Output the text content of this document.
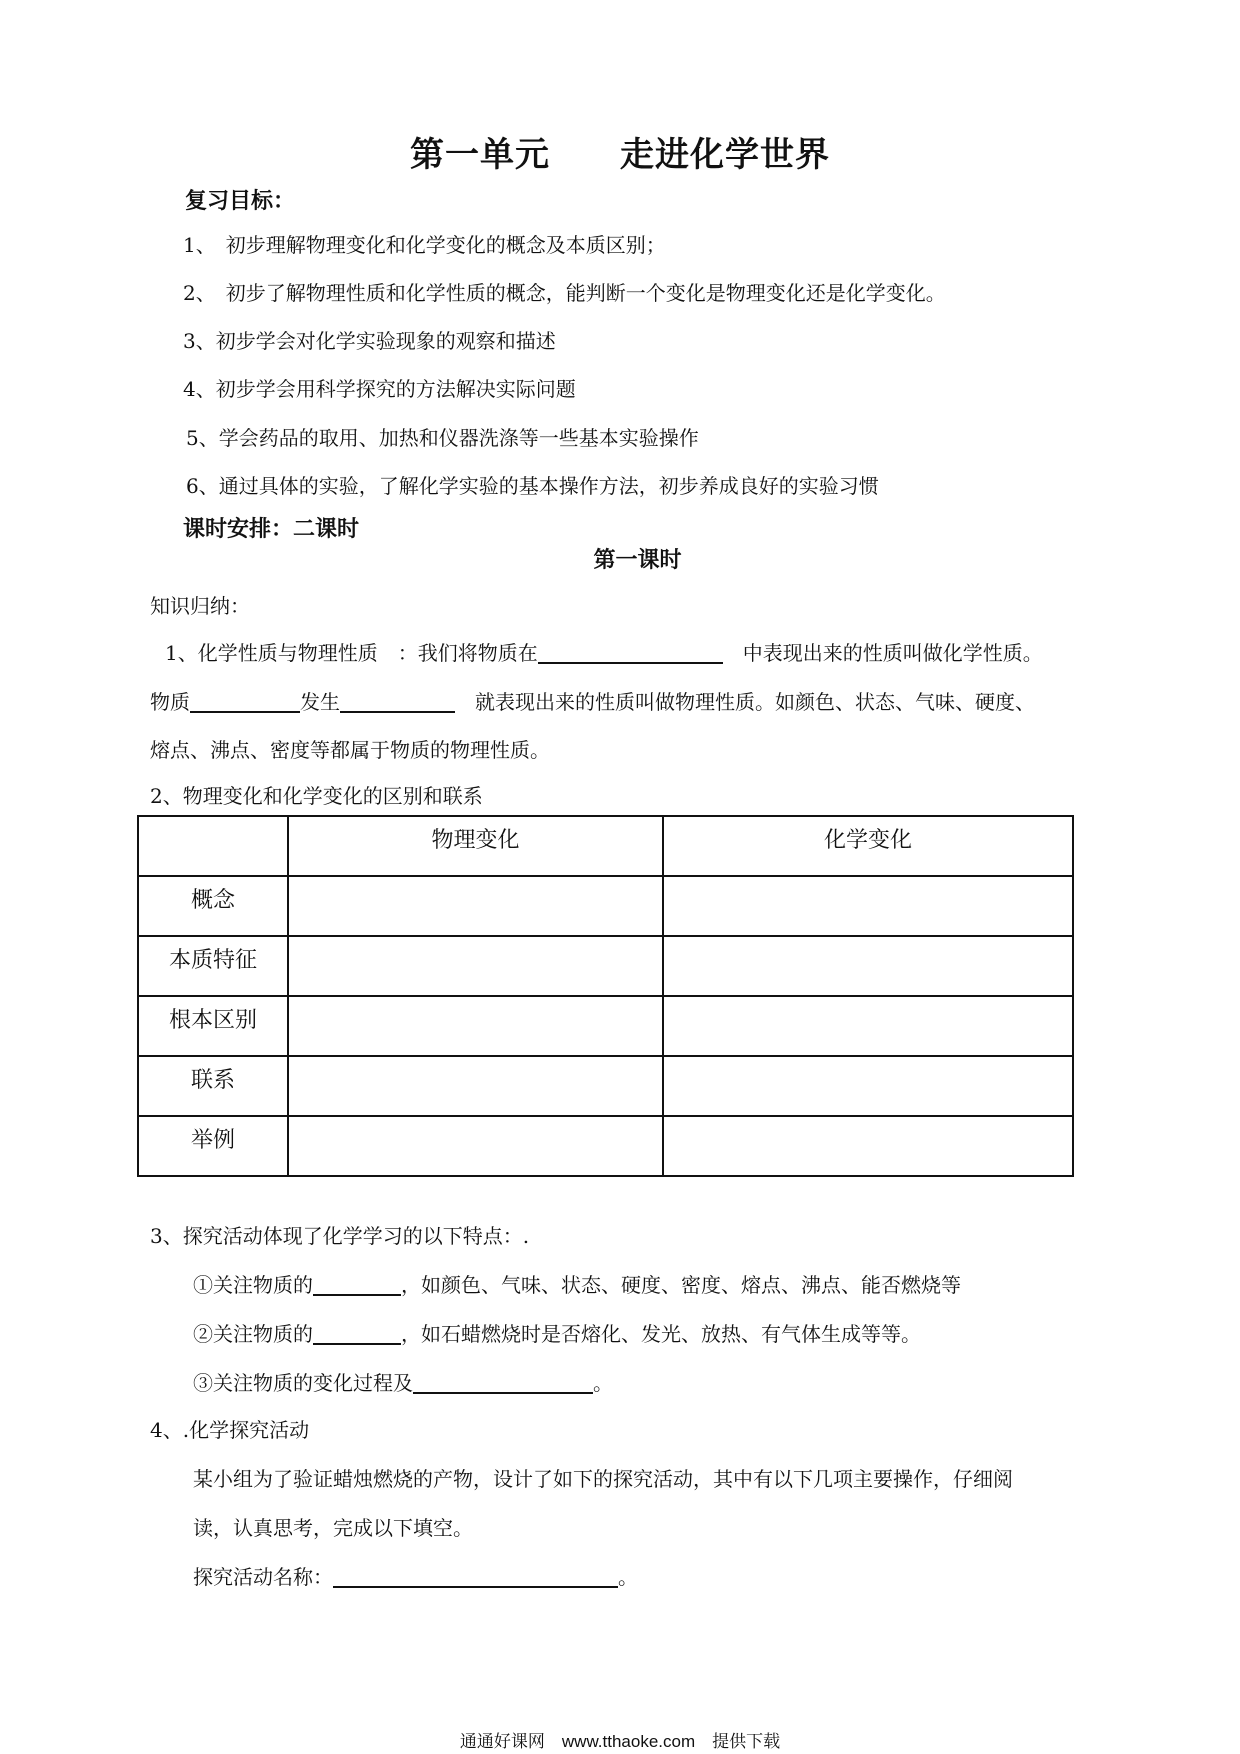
第一单元 走进化学世界
复习目标：
1、　初步理解物理变化和化学变化的概念及本质区别；
2、　初步了解物理性质和化学性质的概念，能判断一个变化是物理变化还是化学变化。
3、初步学会对化学实验现象的观察和描述
4、初步学会用科学探究的方法解决实际问题
5、学会药品的取用、加热和仪器洗涤等一些基本实验操作
6、通过具体的实验，了解化学实验的基本操作方法，初步养成良好的实验习惯
课时安排：二课时
第一课时
知识归纳：
1、化学性质与物理性质　：我们将物质在　	中表现出来的性质叫做化学性质。
物质	发生　	就表现出来的性质叫做物理性质。如颜色、状态、气味、硬度、
熔点、沸点、密度等都属于物质的物理性质。
2、物理变化和化学变化的区别和联系
	物理变化	化学变化
概念		
本质特征		
根本区别		
联系		
举例		
3、探究活动体现了化学学习的以下特点：.
①关注物质的	，如颜色、气味、状态、硬度、密度、熔点、沸点、能否燃烧等
②关注物质的	，如石蜡燃烧时是否熔化、发光、放热、有气体生成等等。
③关注物质的变化过程及	。
4、.化学探究活动
某小组为了验证蜡烛燃烧的产物，设计了如下的探究活动，其中有以下几项主要操作，仔细阅
读，认真思考，完成以下填空。
探究活动名称：	。
通通好课网　www.tthaoke.com　提供下载
